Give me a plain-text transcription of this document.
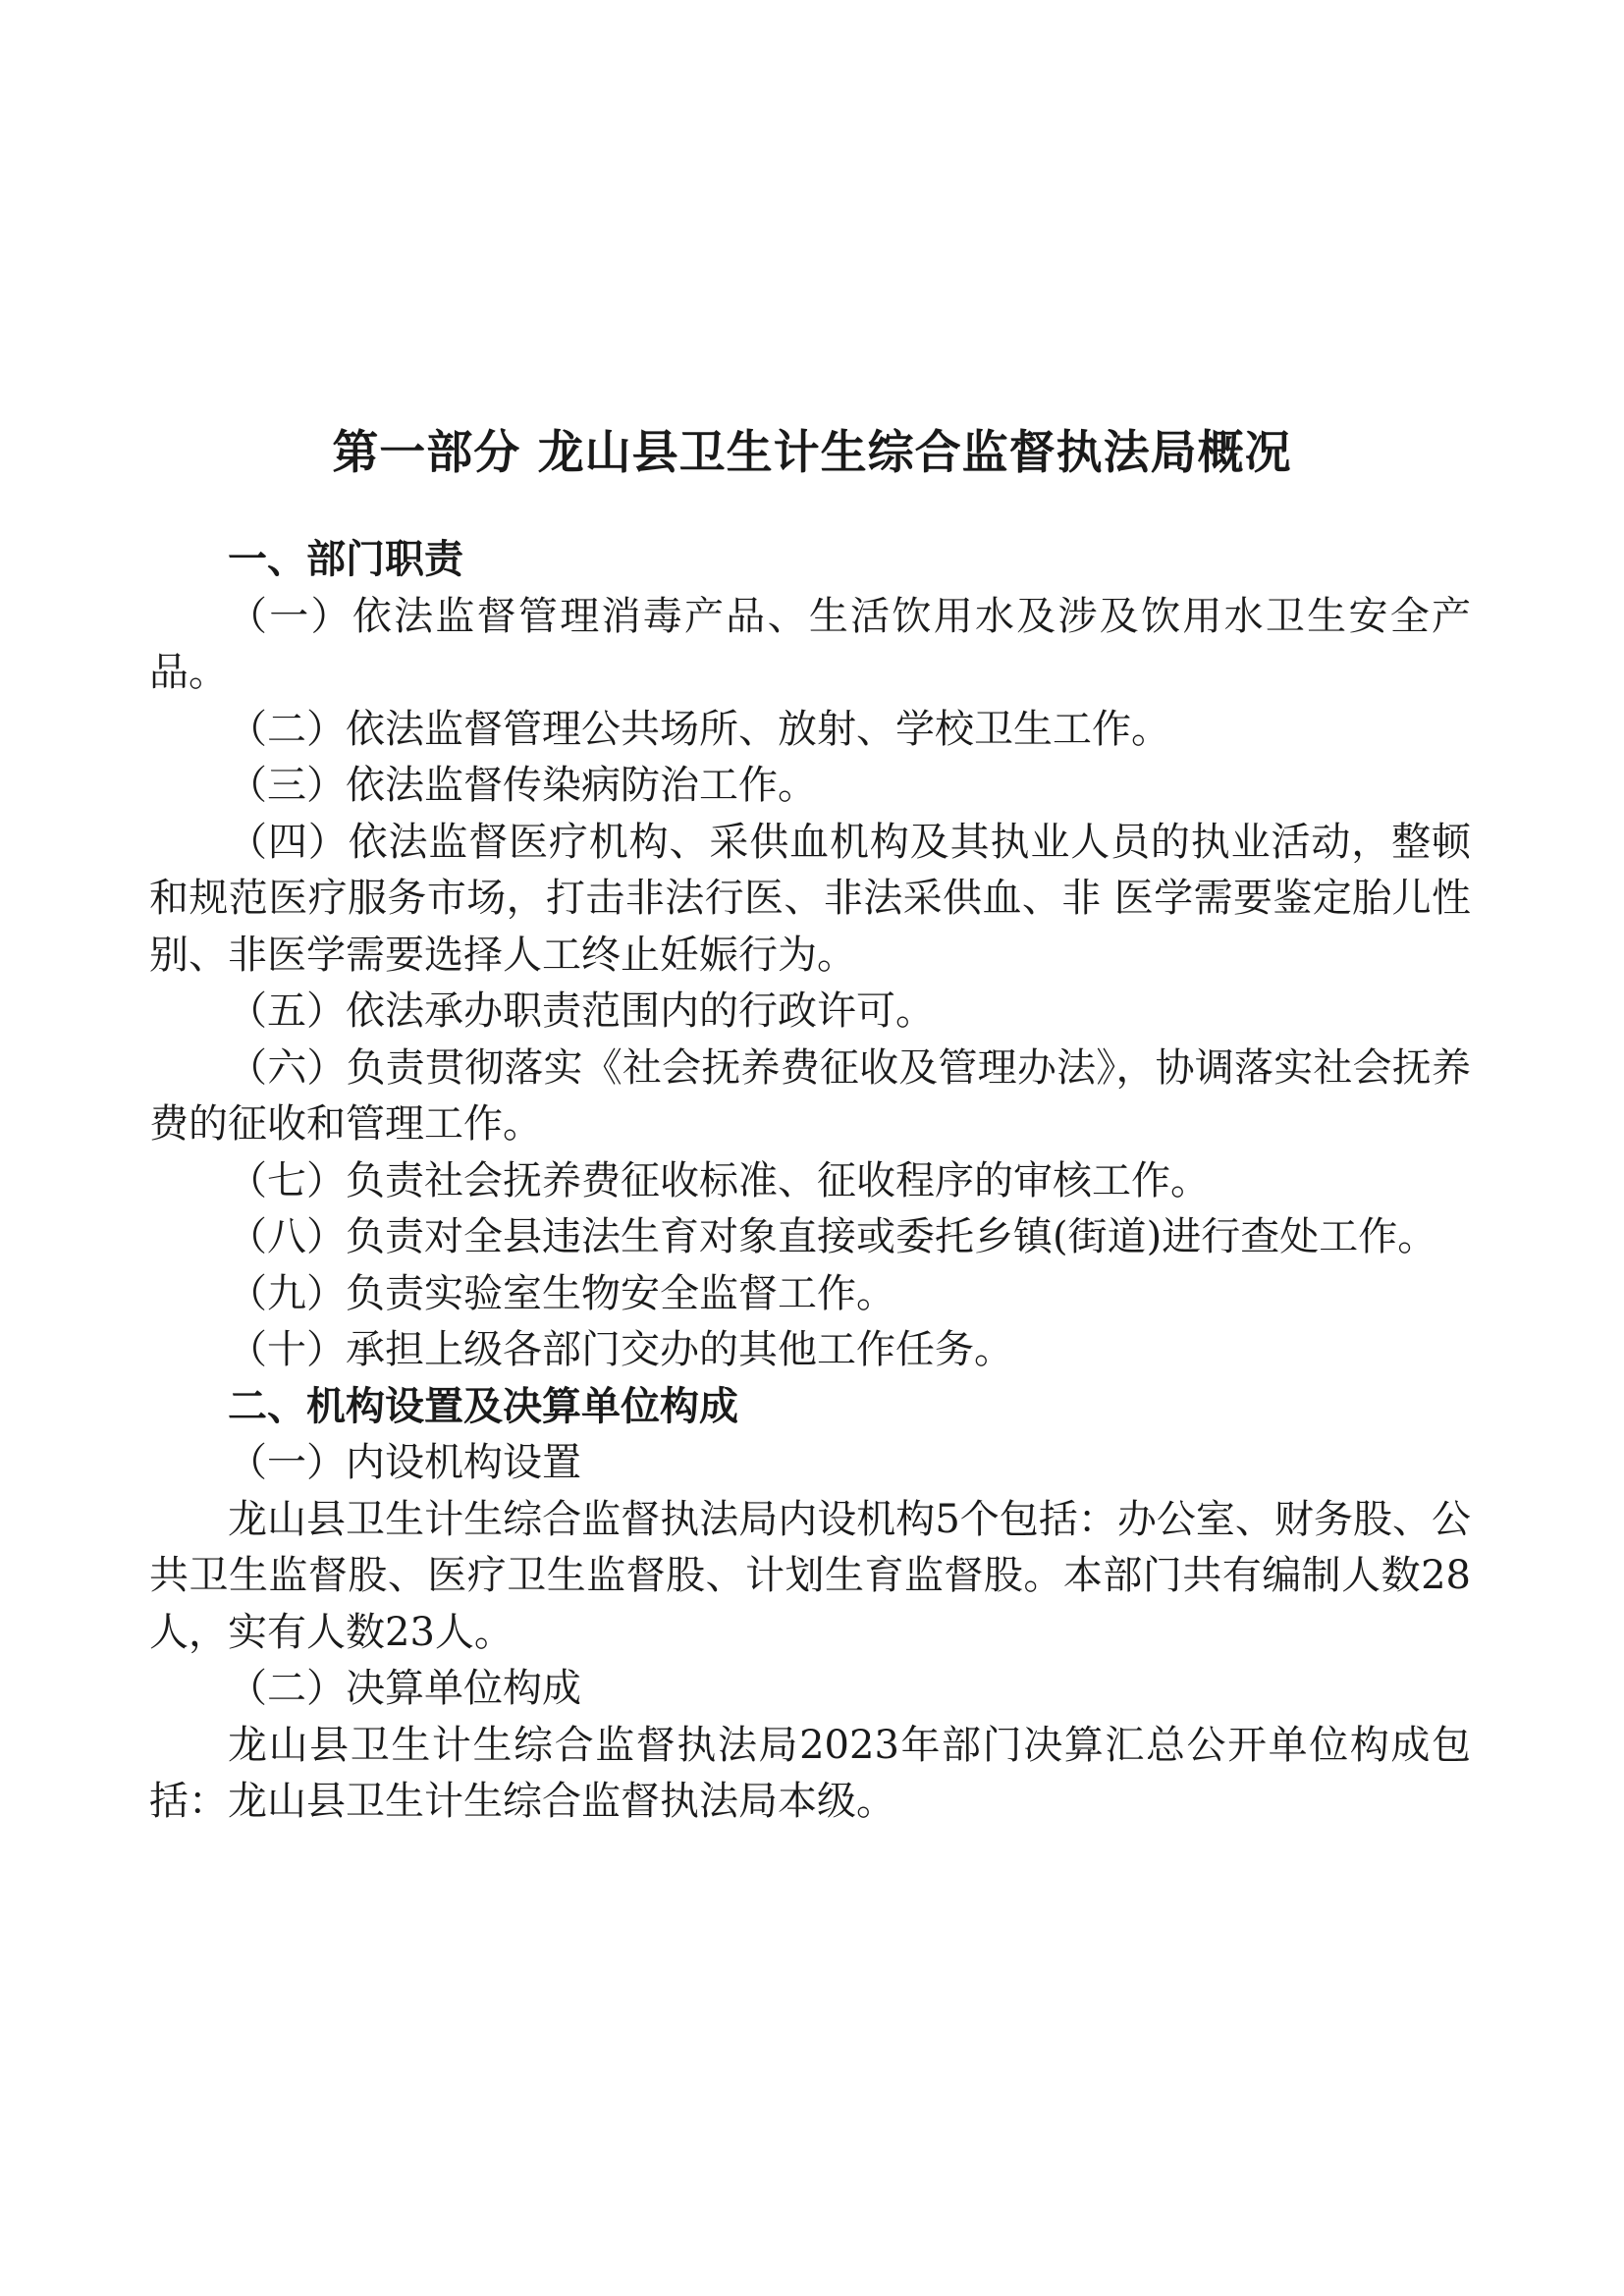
第一部分 龙山县卫生计生综合监督执法局概况

一、部门职责

（一）依法监督管理消毒产品、生活饮用水及涉及饮用水卫生安全产品。

（二）依法监督管理公共场所、放射、学校卫生工作。

（三）依法监督传染病防治工作。

（四）依法监督医疗机构、采供血机构及其执业人员的执业活动，整顿和规范医疗服务市场，打击非法行医、非法采供血、非 医学需要鉴定胎儿性别、非医学需要选择人工终止妊娠行为。

（五）依法承办职责范围内的行政许可。

（六）负责贯彻落实《社会抚养费征收及管理办法》，协调落实社会抚养费的征收和管理工作。

（七）负责社会抚养费征收标准、征收程序的审核工作。

（八）负责对全县违法生育对象直接或委托乡镇(街道)进行查处工作。

（九）负责实验室生物安全监督工作。

（十）承担上级各部门交办的其他工作任务。

二、机构设置及决算单位构成

（一）内设机构设置

龙山县卫生计生综合监督执法局内设机构5个包括：办公室、财务股、公共卫生监督股、医疗卫生监督股、计划生育监督股。本部门共有编制人数28人，实有人数23人。

（二）决算单位构成

龙山县卫生计生综合监督执法局2023年部门决算汇总公开单位构成包括：龙山县卫生计生综合监督执法局本级。
